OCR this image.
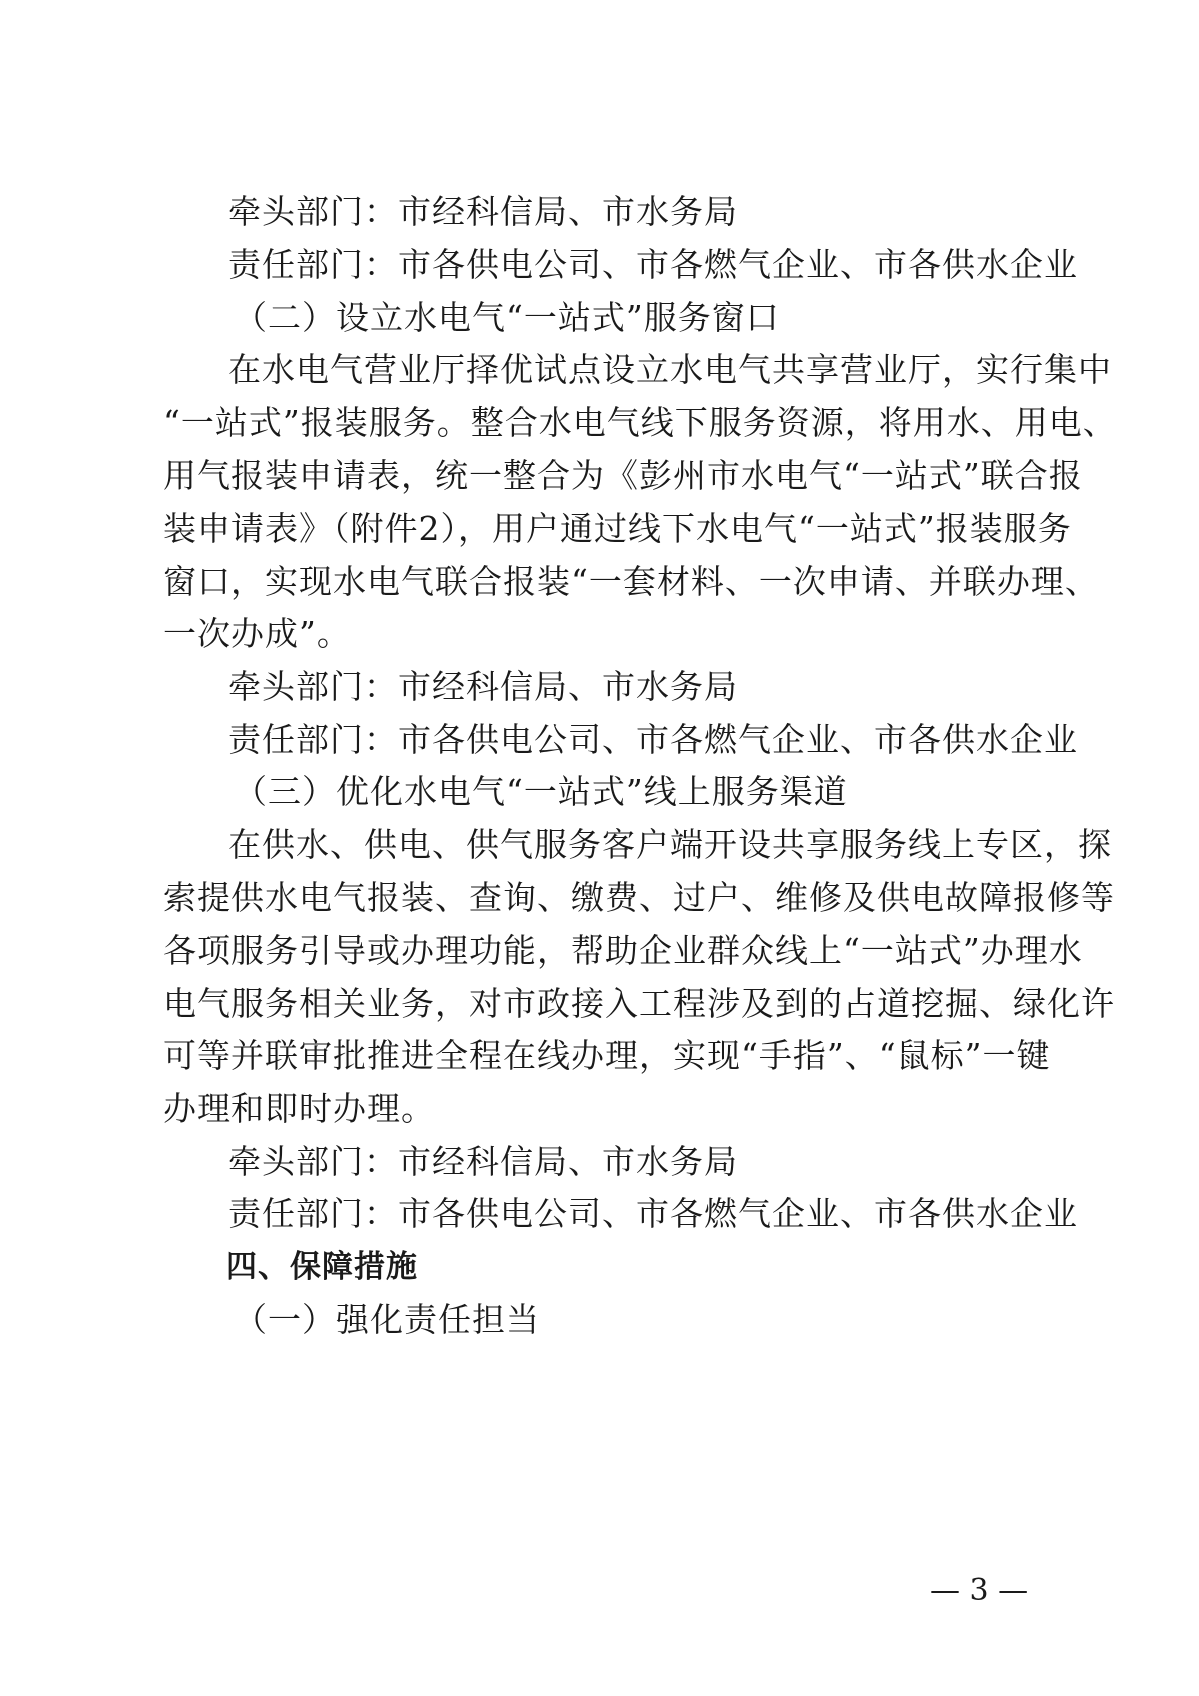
牵头部门：市经科信局、市水务局
责任部门：市各供电公司、市各燃气企业、市各供水企业
（二）设立水电气“一站式”服务窗口
在水电气营业厅择优试点设立水电气共享营业厅，实行集中
“一站式”报装服务。整合水电气线下服务资源，将用水、用电、
用气报装申请表，统一整合为《彭州市水电气“一站式”联合报
装申请表》（附件2），用户通过线下水电气“一站式”报装服务
窗口，实现水电气联合报装“一套材料、一次申请、并联办理、
一次办成”。
牵头部门：市经科信局、市水务局
责任部门：市各供电公司、市各燃气企业、市各供水企业
（三）优化水电气“一站式”线上服务渠道
在供水、供电、供气服务客户端开设共享服务线上专区，探
索提供水电气报装、查询、缴费、过户、维修及供电故障报修等
各项服务引导或办理功能，帮助企业群众线上“一站式”办理水
电气服务相关业务，对市政接入工程涉及到的占道挖掘、绿化许
可等并联审批推进全程在线办理，实现“手指”、“鼠标”一键
办理和即时办理。
牵头部门：市经科信局、市水务局
责任部门：市各供电公司、市各燃气企业、市各供水企业
四、保障措施
（一）强化责任担当
— 3 —
